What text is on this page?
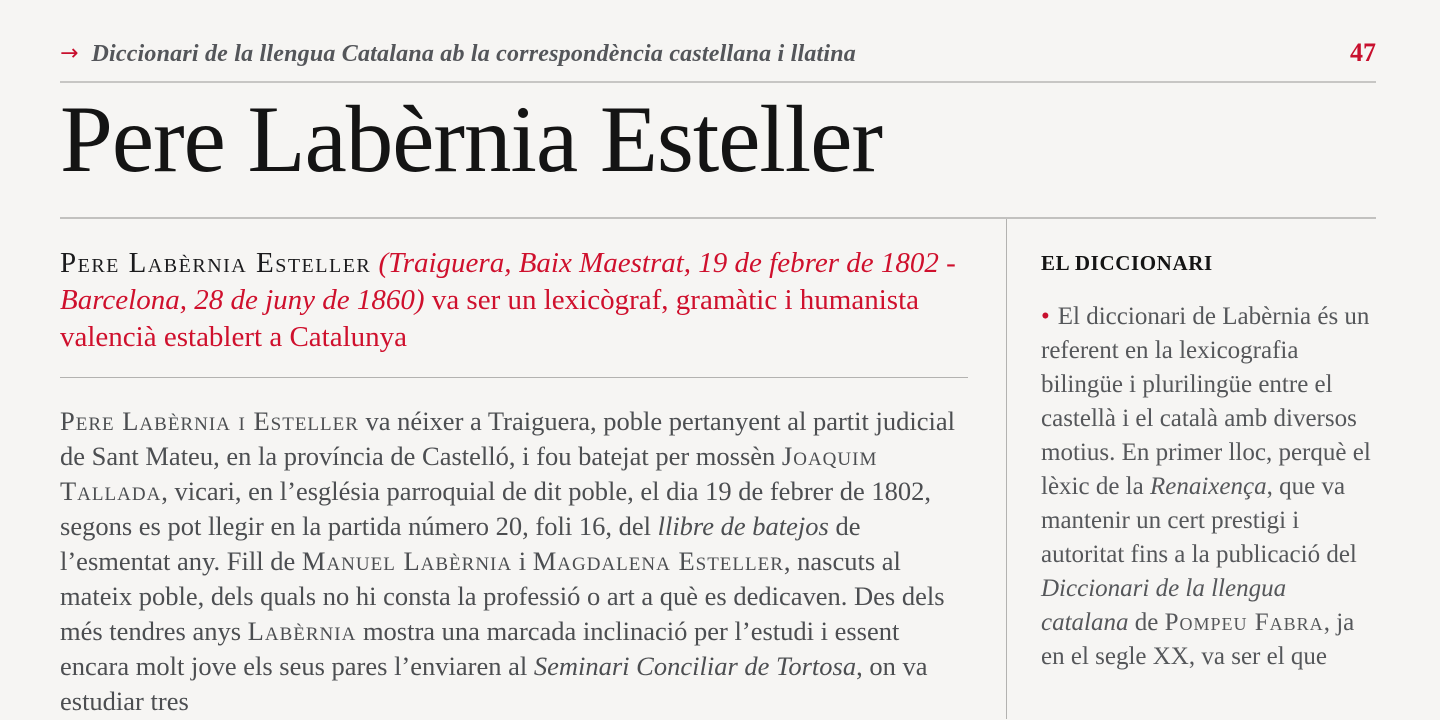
→ Diccionari de la llengua Catalana ab la correspondència castellana i llatina	47
Pere Labèrnia Esteller

Pere Labèrnia Esteller (Traiguera, Baix Maestrat, 19 de febrer de 1802 - Barcelona, 28 de juny de 1860) va ser un lexicògraf, gramàtic i humanista valencià establert a Catalunya

Pere Labèrnia i Esteller va néixer a Traiguera, poble pertanyent al partit judicial de Sant Mateu, en la província de Castelló, i fou batejat per mossèn Joaquim Tallada, vicari, en l’església parroquial de dit poble, el dia 19 de febrer de 1802, segons es pot llegir en la partida número 20, foli 16, del llibre de batejos de l’esmentat any. Fill de Manuel Labèrnia i Magdalena Esteller, nascuts al mateix poble, dels quals no hi consta la professió o art a què es dedicaven. Des dels més tendres anys Labèrnia mostra una marcada inclinació per l’estudi i essent encara molt jove els seus pares l’enviaren al Seminari Conciliar de Tortosa, on va estudiar tres

EL DICCIONARI

• El diccionari de Labèrnia és un referent en la lexicografia bilingüe i plurilingüe entre el castellà i el català amb diversos motius. En primer lloc, perquè el lèxic de la Renaixença, que va mantenir un cert prestigi i autoritat fins a la publicació del Diccionari de la llengua catalana de Pompeu Fabra, ja en el segle XX, va ser el que
